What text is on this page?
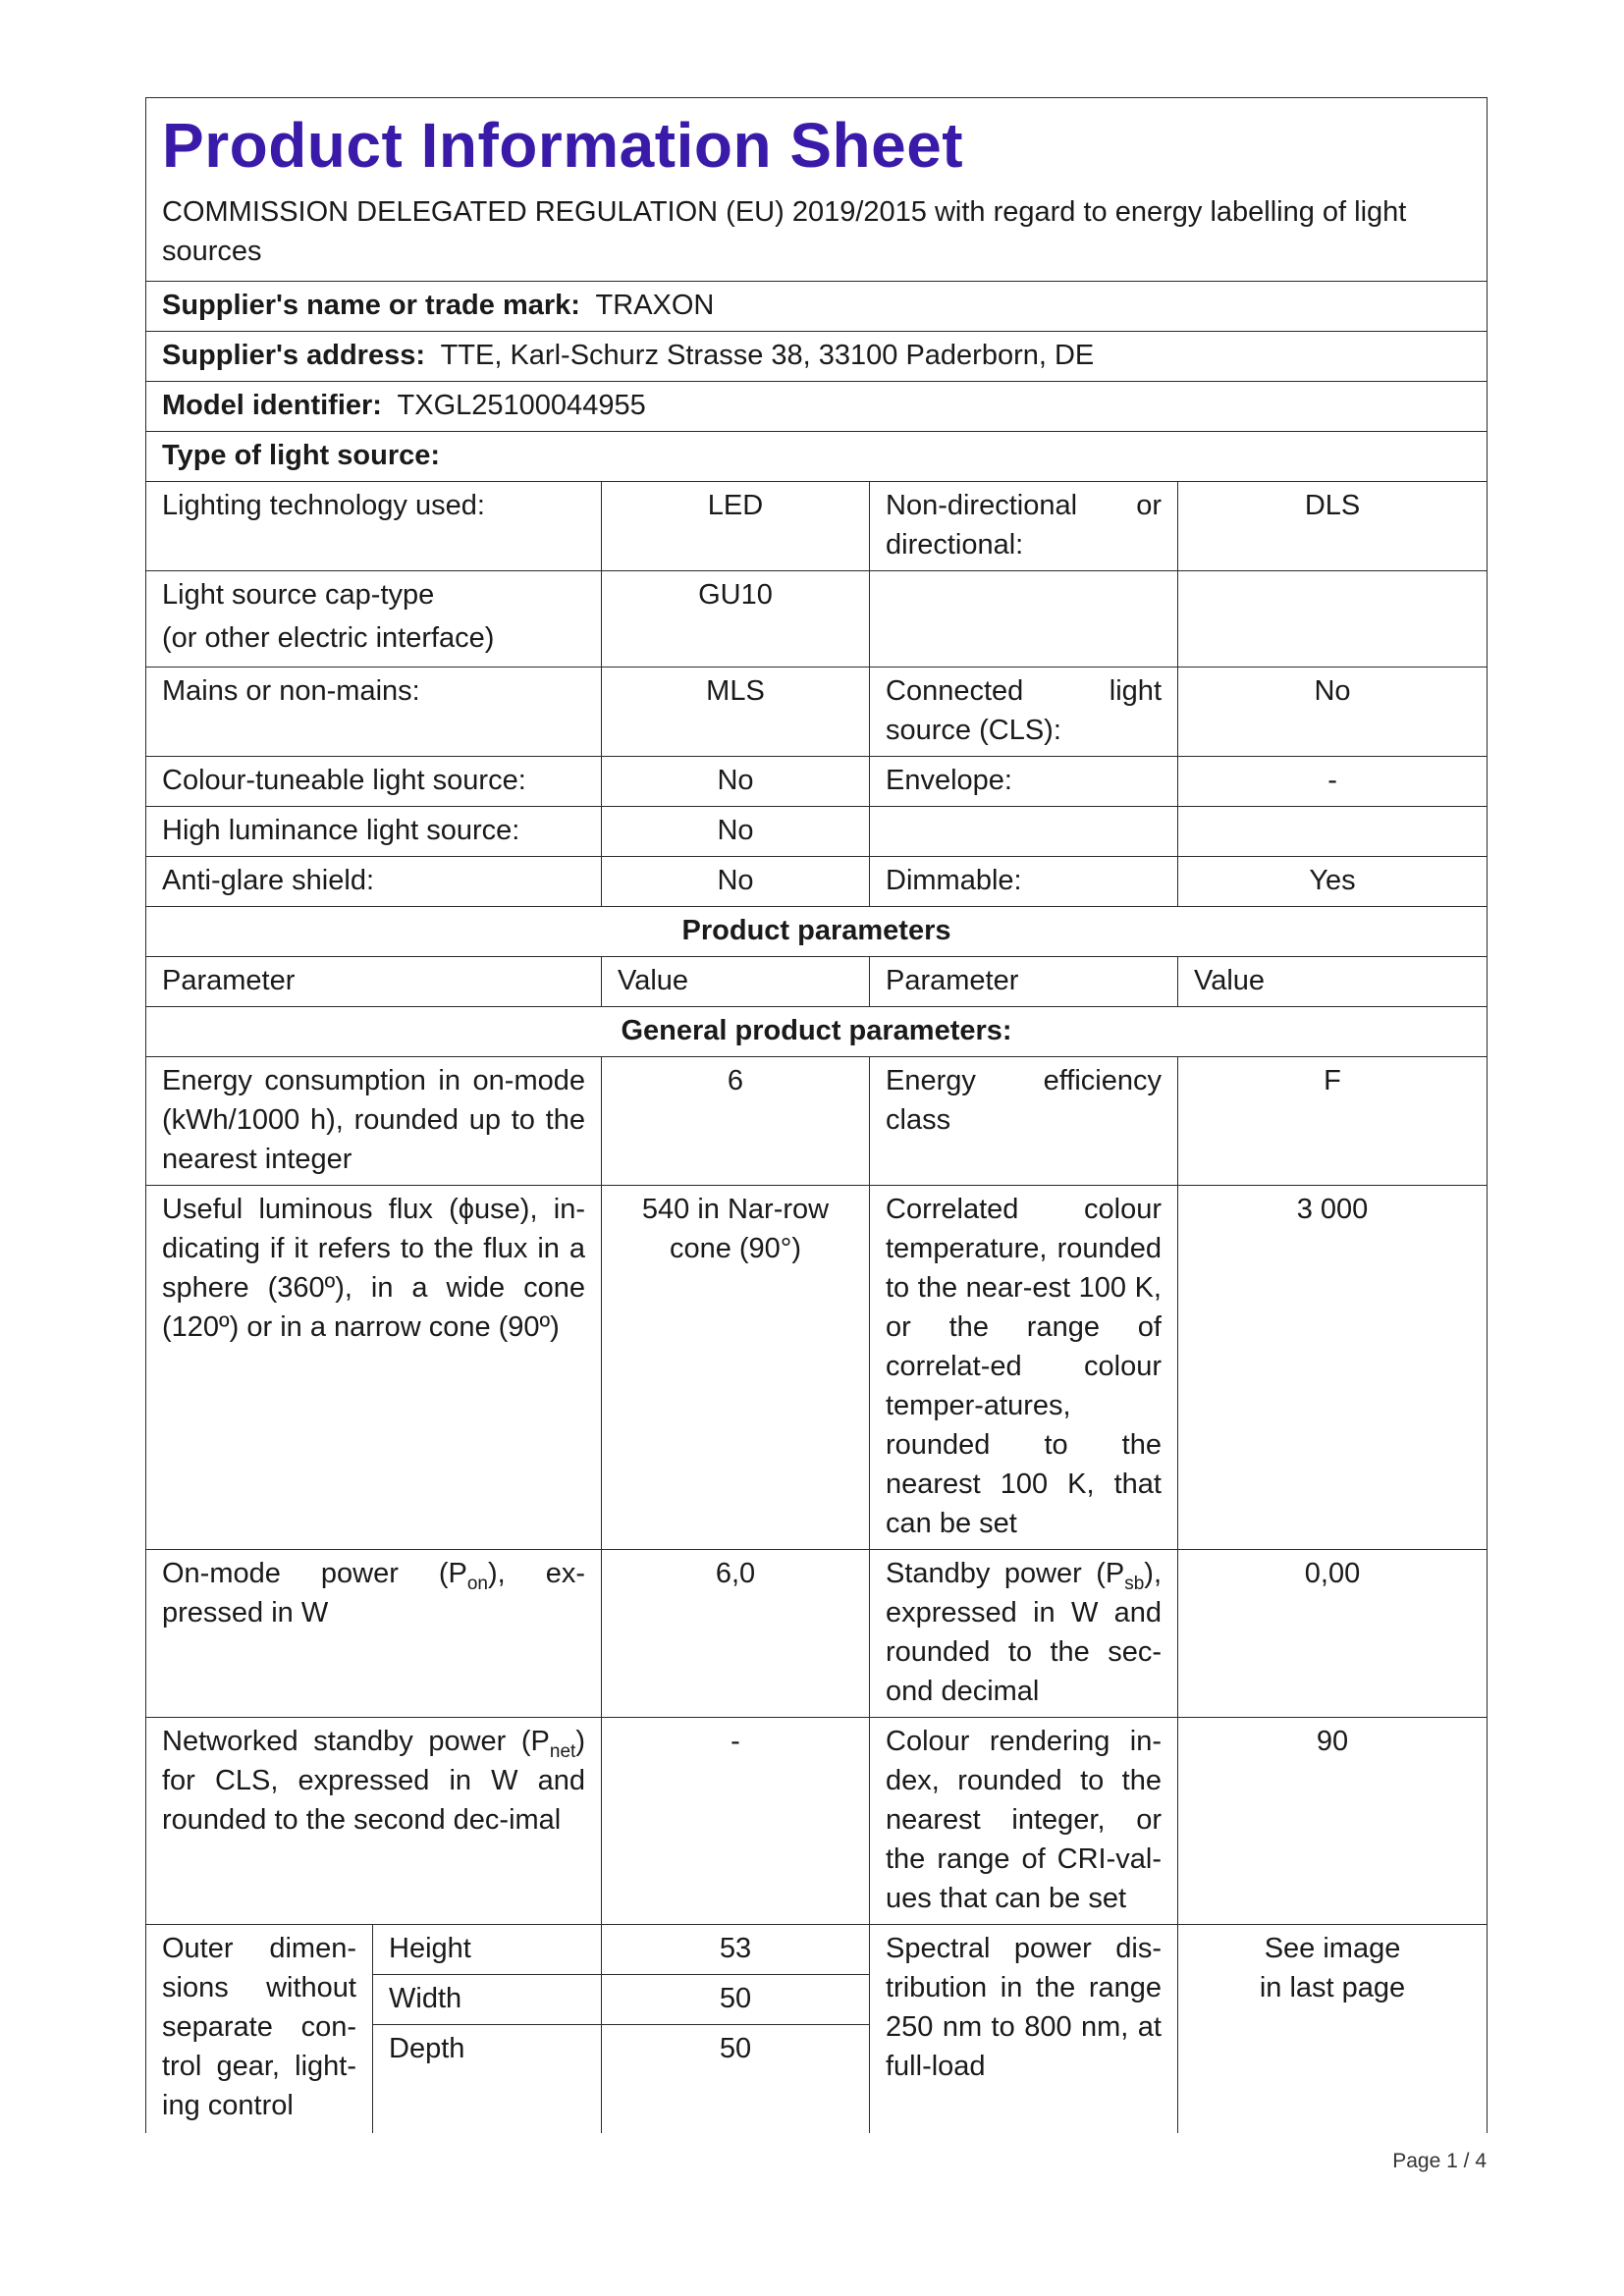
Product Information Sheet
COMMISSION DELEGATED REGULATION (EU) 2019/2015 with regard to energy labelling of light sources				

Supplier's name or trade mark: TRAXON				
Supplier's address: TTE, Karl-Schurz Strasse 38, 33100 Paderborn, DE				
Model identifier: TXGL25100044955				
Type of light source:				
Lighting technology used:		LED	Non-directional or directional:	DLS

Light source cap-type
(or other electric interface)		GU10		
Mains or non-mains:		MLS	Connected light source (CLS):	No
Colour-tuneable light source:		No	Envelope:	-
High luminance light source:		No		
Anti-glare shield:		No	Dimmable:	Yes
Product parameters				
Parameter		Value	Parameter	Value
General product parameters:				
Energy consumption in on-mode (kWh/1000 h), rounded up to the nearest integer		6	Energy efficiency class	F
Useful luminous flux (ϕuse), in-dicating if it refers to the flux in a sphere (360º), in a wide cone (120º) or in a narrow cone (90º)		540 in Nar-row cone (90°)	Correlated colour temperature, rounded to the near-est 100 K, or the range of correlat-ed colour temper-atures, rounded to the nearest 100 K, that can be set	3 000
On-mode power $(P_{on})$, ex-pressed in W		6,0	Standby power $(P_{sb})$, expressed in W and rounded to the sec-ond decimal	0,00
Networked standby power $(P_{net})$ for CLS, expressed in W and rounded to the second dec-imal		-	Colour rendering in-dex, rounded to the nearest integer, or the range of CRI-val-ues that can be set	90
Outer dimen-sions without separate con-trol gear, light-ing control	Height	53	Spectral power dis-tribution in the range 250 nm to 800 nm, at full-load	See image
in last page

	Width	50		
	Depth	50		
Page 1 / 4
